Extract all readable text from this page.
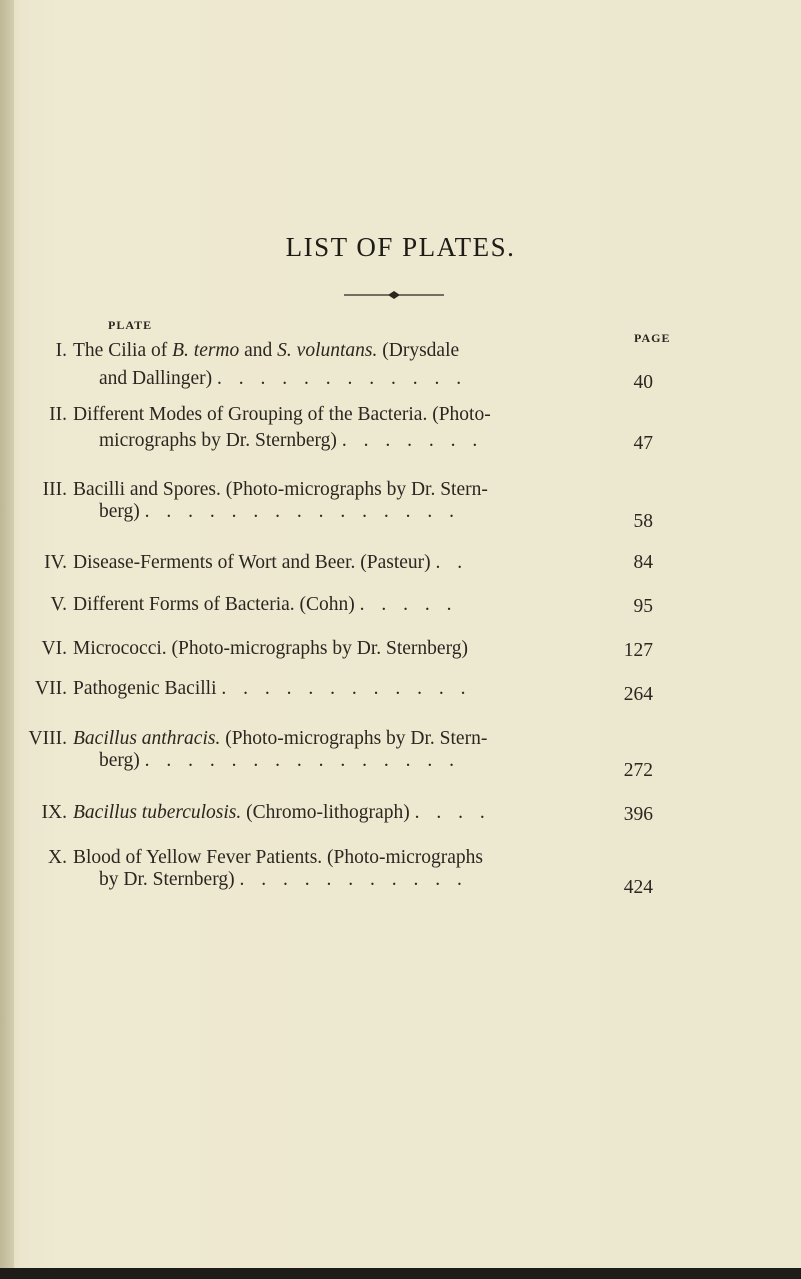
LIST OF PLATES.
PLATE
PAGE
I. The Cilia of B. termo and S. voluntans. (Drysdale
and Dallinger) . . . . . . . . . . . .	40
II. Different Modes of Grouping of the Bacteria. (Photo-
micrographs by Dr. Sternberg) . . . . . . .	47
III. Bacilli and Spores. (Photo-micrographs by Dr. Stern-
berg) . . . . . . . . . . . . . . .	58
IV. Disease-Ferments of Wort and Beer. (Pasteur) . .	84
V. Different Forms of Bacteria. (Cohn) . . . . .	95
VI. Micrococci. (Photo-micrographs by Dr. Sternberg)	127
VII. Pathogenic Bacilli . . . . . . . . . . . .	264
VIII. Bacillus anthracis. (Photo-micrographs by Dr. Stern-
berg) . . . . . . . . . . . . . . .	272
IX. Bacillus tuberculosis. (Chromo-lithograph) . . . .	396
X. Blood of Yellow Fever Patients. (Photo-micrographs
by Dr. Sternberg) . . . . . . . . . . .	424
